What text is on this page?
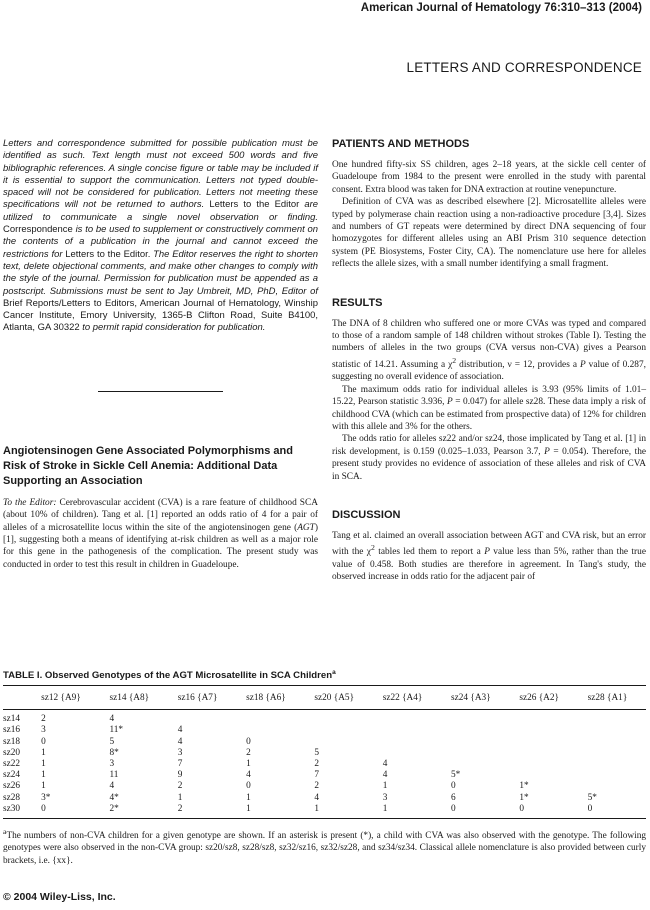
American Journal of Hematology 76:310–313 (2004)

LETTERS AND CORRESPONDENCE

Letters and correspondence submitted for possible publication must be identified as such. Text length must not exceed 500 words and five bibliographic references. A single concise figure or table may be included if it is essential to support the communication. Letters not typed double-spaced will not be considered for publication. Letters not meeting these specifications will not be returned to authors. Letters to the Editor are utilized to communicate a single novel observation or finding. Correspondence is to be used to supplement or constructively comment on the contents of a publication in the journal and cannot exceed the restrictions for Letters to the Editor. The Editor reserves the right to shorten text, delete objectional comments, and make other changes to comply with the style of the journal. Permission for publication must be appended as a postscript. Submissions must be sent to Jay Umbreit, MD, PhD, Editor of Brief Reports/Letters to Editors, American Journal of Hematology, Winship Cancer Institute, Emory University, 1365-B Clifton Road, Suite B4100, Atlanta, GA 30322 to permit rapid consideration for publication.

Angiotensinogen Gene Associated Polymorphisms and Risk of Stroke in Sickle Cell Anemia: Additional Data Supporting an Association

To the Editor: Cerebrovascular accident (CVA) is a rare feature of childhood SCA (about 10% of children). Tang et al. [1] reported an odds ratio of 4 for a pair of alleles of a microsatellite locus within the site of the angiotensinogen gene (AGT) [1], suggesting both a means of identifying at-risk children as well as a major role for this gene in the pathogenesis of the complication. The present study was conducted in order to test this result in children in Guadeloupe.

PATIENTS AND METHODS

One hundred fifty-six SS children, ages 2–18 years, at the sickle cell center of Guadeloupe from 1984 to the present were enrolled in the study with parental consent. Extra blood was taken for DNA extraction at routine venepuncture.

Definition of CVA was as described elsewhere [2]. Microsatellite alleles were typed by polymerase chain reaction using a non-radioactive procedure [3,4]. Sizes and numbers of GT repeats were determined by direct DNA sequencing of four homozygotes for different alleles using an ABI Prism 310 sequence detection system (PE Biosystems, Foster City, CA). The nomenclature use here for alleles reflects the allele sizes, with a small number identifying a small fragment.

RESULTS

The DNA of 8 children who suffered one or more CVAs was typed and compared to those of a random sample of 148 children without strokes (Table I). Testing the numbers of alleles in the two groups (CVA versus non-CVA) gives a Pearson statistic of 14.21. Assuming a $\chi^2$ distribution, ν = 12, provides a P value of 0.287, suggesting no overall evidence of association.

The maximum odds ratio for individual alleles is 3.93 (95% limits of 1.01–15.22, Pearson statistic 3.936, P = 0.047) for allele sz28. These data imply a risk of childhood CVA (which can be estimated from prospective data) of 12% for children with this allele and 3% for the others.

The odds ratio for alleles sz22 and/or sz24, those implicated by Tang et al. [1] in risk development, is 0.159 (0.025–1.033, Pearson 3.7, P = 0.054). Therefore, the present study provides no evidence of association of these alleles and risk of CVA in SCA.

DISCUSSION

Tang et al. claimed an overall association between AGT and CVA risk, but an error with the $\chi^2$ tables led them to report a P value less than 5%, rather than the true value of 0.458. Both studies are therefore in agreement. In Tang's study, the observed increase in odds ratio for the adjacent pair of

TABLE I. Observed Genotypes of the AGT Microsatellite in SCA Children$^a$

	sz12 {A9}	sz14 {A8}	sz16 {A7}	sz18 {A6}	sz20 {A5}	sz22 {A4}	sz24 {A3}	sz26 {A2}	sz28 {A1}
sz14	2	4							
sz16	3	11*	4						
sz18	0	5	4	0					
sz20	1	8*	3	2	5				
sz22	1	3	7	1	2	4			
sz24	1	11	9	4	7	4	5*		
sz26	1	4	2	0	2	1	0	1*	
sz28	3*	4*	1	1	4	3	6	1*	5*
sz30	0	2*	2	1	1	1	0	0	0

$^a$The numbers of non-CVA children for a given genotype are shown. If an asterisk is present (*), a child with CVA was also observed with the genotype. The following genotypes were also observed in the non-CVA group: sz20/sz8, sz28/sz8, sz32/sz16, sz32/sz28, and sz34/sz34. Classical allele nomenclature is also provided between curly brackets, i.e. {xx}.

© 2004 Wiley-Liss, Inc.
